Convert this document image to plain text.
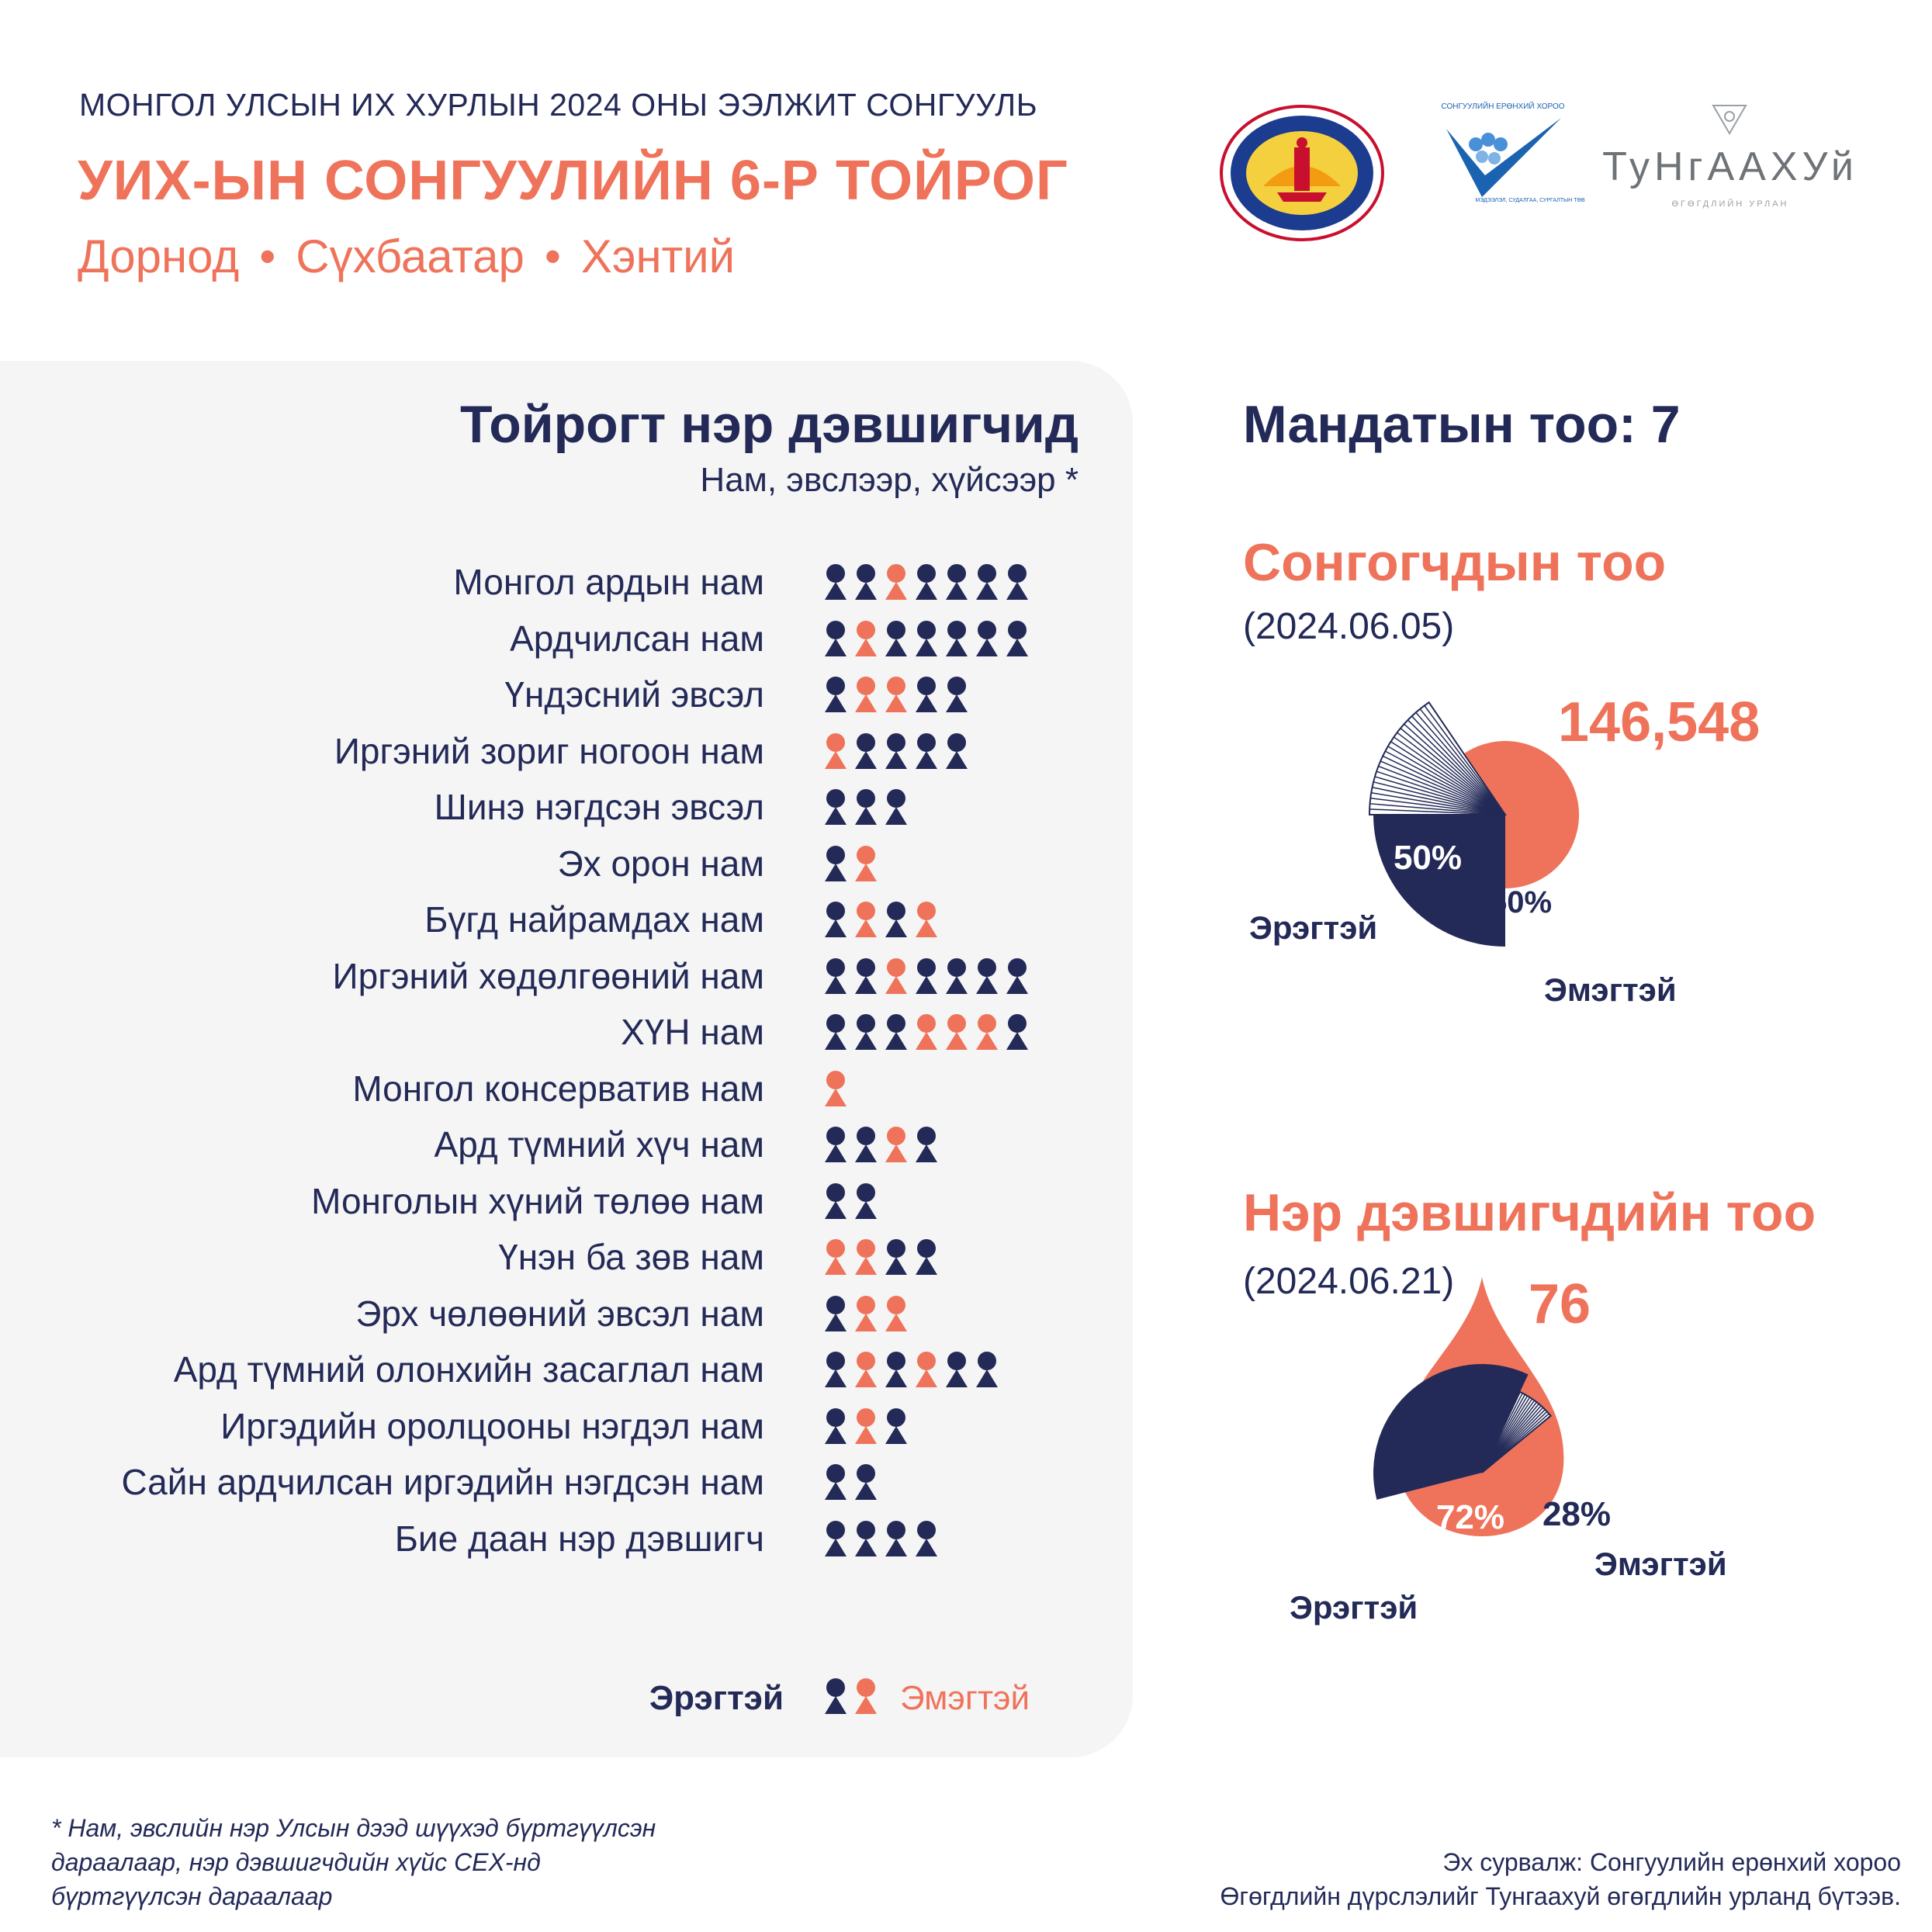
МОНГОЛ УЛСЫН ИХ ХУРЛЫН 2024 ОНЫ ЭЭЛЖИТ СОНГУУЛЬ
УИХ-ЫН СОНГУУЛИЙН 6-Р ТОЙРОГ
Дорнод • Сүхбаатар • Хэнтий
СОНГУУЛИЙН ЕРӨНХИЙ ХОРОО
МЭДЭЭЛЭЛ, СУДАЛГАА, СУРГАЛТЫН ТӨВ
ТуНгААХУй
ӨГӨГДЛИЙН УРЛАН
Тойрогт нэр дэвшигчид
Нам, эвслээр, хүйсээр *
Монгол ардын нам
Ардчилсан нам
Үндэсний эвсэл
Иргэний зориг ногоон нам
Шинэ нэгдсэн эвсэл
Эх орон нам
Бүгд найрамдах нам
Иргэний хөдөлгөөний нам
ХҮН нам
Монгол консерватив нам
Ард түмний хүч нам
Монголын хүний төлөө нам
Үнэн ба зөв нам
Эрх чөлөөний эвсэл нам
Ард түмний олонхийн засаглал нам
Иргэдийн оролцооны нэгдэл нам
Сайн ардчилсан иргэдийн нэгдсэн нам
Бие даан нэр дэвшигч
Эрэгтэй	Эмэгтэй
Мандатын тоо: 7
Сонгогчдын тоо
(2024.06.05)
146,548
50%
50%
Эрэгтэй
Эмэгтэй
Нэр дэвшигчдийн тоо
(2024.06.21) 76
72% 28%
Эрэгтэй
Эмэгтэй
* Нам, эвслийн нэр Улсын дээд шүүхэд бүртгүүлсэн дараалаар, нэр дэвшигчдийн хүйс СЕХ-нд бүртгүүлсэн дараалаар
Эх сурвалж: Сонгуулийн ерөнхий хороо
Өгөгдлийн дүрслэлийг Тунгаахуй өгөгдлийн урланд бүтээв.
